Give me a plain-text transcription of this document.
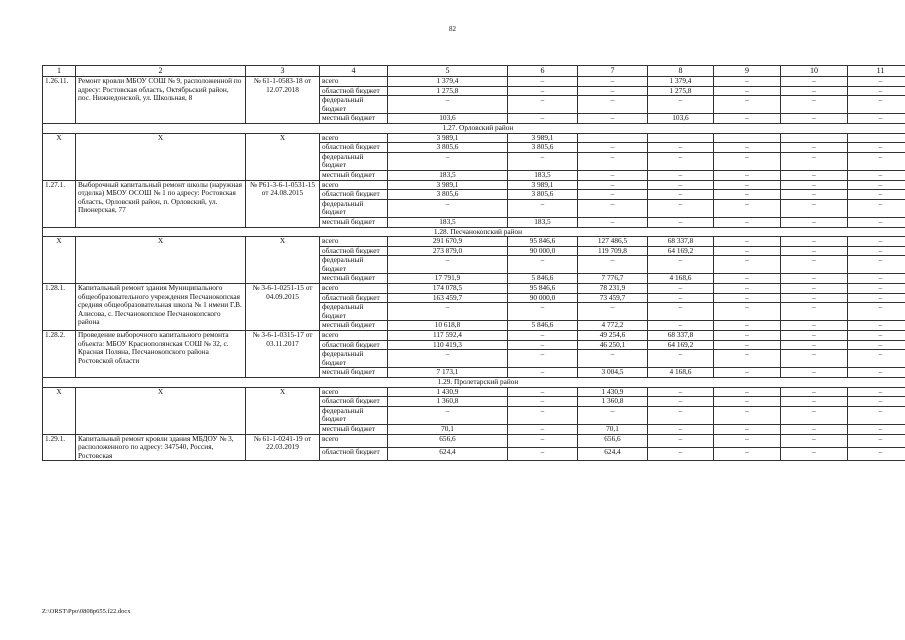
82
1	2	3	4	5	6	7	8	9	10	11
1.26.11.	Ремонт кровли МБОУ СОШ № 9, расположенной по адресу: Ростовская область, Октябрьский район, пос. Нижнедонской, ул. Школьная, 8	№ 61-1-0583-18 от 12.07.2018	всего	1 379,4	–	–	1 379,4	–	–	–
			областной бюджет	1 275,8	–	–	1 275,8	–	–	–
			федеральный бюджет	–	–	–	–	–	–	–
			местный бюджет	103,6	–	–	103,6	–	–	–
1.27. Орловский район										
Х	Х	Х	всего	3 989,1	3 989,1					
			областной бюджет	3 805,6	3 805,6	–	–	–	–	–
			федеральный бюджет	–	–	–	–	–	–	–
			местный бюджет	183,5	183,5	–	–	–	–	–
1.27.1.	Выборочный капитальный ремонт школы (наружная отделка) МБОУ ОСОШ № 1 по адресу: Ростовская область, Орловский район, п. Орловский, ул. Пионерская, 77	№ Р61-3-6-1-0531-15 от 24.08.2015	всего	3 989,1	3 989,1	–	–	–	–	–
			областной бюджет	3 805,6	3 805,6	–	–	–	–	–
			федеральный бюджет	–	–	–	–	–	–	–
			местный бюджет	183,5	183,5	–	–	–	–	–
1.28. Песчанокопский район										
Х	Х	Х	всего	291 670,9	95 846,6	127 486,5	68 337,8	–	–	–
			областной бюджет	273 879,0	90 000,0	119 709,8	64 169,2	–	–	–
			федеральный бюджет	–	–	–	–	–	–	–
			местный бюджет	17 791,9	5 846,6	7 776,7	4 168,6	–	–	–
1.28.1.	Капитальный ремонт здания Муниципального общеобразовательного учреждения Песчанокопская средняя общеобразовательная школа № 1 имени Г.В. Алисова, с. Песчанокопское Песчанокопского района	№ 3-6-1-0251-15 от 04.09.2015	всего	174 078,5	95 846,6	78 231,9	–	–	–	–
			областной бюджет	163 459,7	90 000,0	73 459,7	–	–	–	–
			федеральный бюджет	–	–	–	–	–	–	–
			местный бюджет	10 618,8	5 846,6	4 772,2	–	–	–	–
1.28.2.	Проведение выборочного капитального ремонта объекта: МБОУ Краснополянская СОШ № 32, с. Красная Поляна, Песчанокопского района Ростовской области	№ 3-6-1-0315-17 от 03.11.2017	всего	117 592,4	–	49 254,6	68 337,8	–	–	–
			областной бюджет	110 419,3	–	46 250,1	64 169,2	–	–	–
			федеральный бюджет	–	–	–	–	–	–	–
			местный бюджет	7 173,1	–	3 004,5	4 168,6	–	–	–
1.29. Пролетарский район										
Х	Х	Х	всего	1 430,9	–	1 430,9	–	–	–	–
			областной бюджет	1 360,8	–	1 360,8	–	–	–	–
			федеральный бюджет	–	–	–	–	–	–	–
			местный бюджет	70,1	–	70,1	–	–	–	–
1.29.1.	Капитальный ремонт кровли здания МБДОУ № 3, расположенного по адресу: 347540, Россия, Ростовская	№ 61-1-0241-19 от 22.03.2019	всего	656,6	–	656,6	–	–	–	–
			областной бюджет	624,4	–	624,4	–	–	–	–
Z:\ORST\Ppo\0808p655.f22.docx
